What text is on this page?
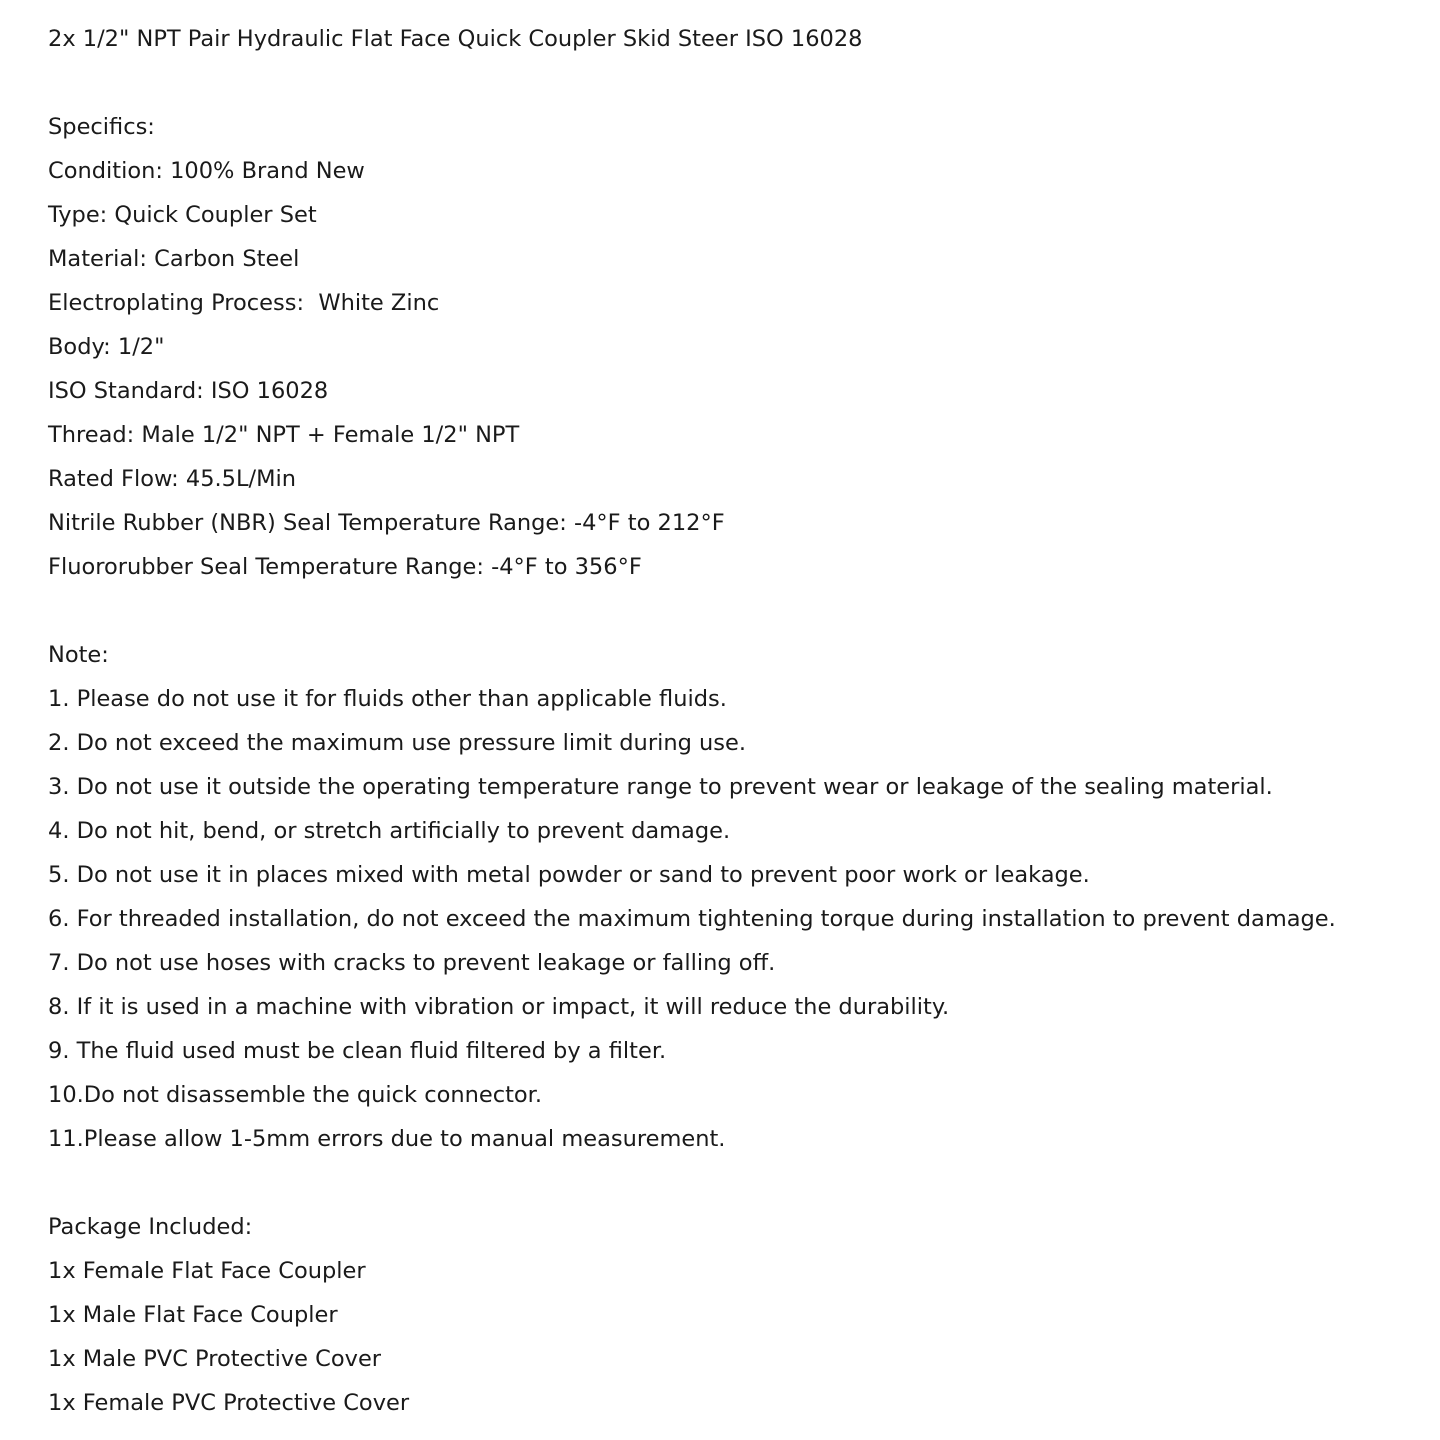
2x 1/2" NPT Pair Hydraulic Flat Face Quick Coupler Skid Steer ISO 16028
Specifics:
Condition: 100% Brand New
Type: Quick Coupler Set
Material: Carbon Steel
Electroplating Process:  White Zinc
Body: 1/2"
ISO Standard: ISO 16028
Thread: Male 1/2" NPT + Female 1/2" NPT
Rated Flow: 45.5L/Min
Nitrile Rubber (NBR) Seal Temperature Range: -4°F to 212°F
Fluororubber Seal Temperature Range: -4°F to 356°F
Note:
1. Please do not use it for fluids other than applicable fluids.
2. Do not exceed the maximum use pressure limit during use.
3. Do not use it outside the operating temperature range to prevent wear or leakage of the sealing material.
4. Do not hit, bend, or stretch artificially to prevent damage.
5. Do not use it in places mixed with metal powder or sand to prevent poor work or leakage.
6. For threaded installation, do not exceed the maximum tightening torque during installation to prevent damage.
7. Do not use hoses with cracks to prevent leakage or falling off.
8. If it is used in a machine with vibration or impact, it will reduce the durability.
9. The fluid used must be clean fluid filtered by a filter.
10.Do not disassemble the quick connector.
11.Please allow 1-5mm errors due to manual measurement.
Package Included:
1x Female Flat Face Coupler
1x Male Flat Face Coupler
1x Male PVC Protective Cover
1x Female PVC Protective Cover
